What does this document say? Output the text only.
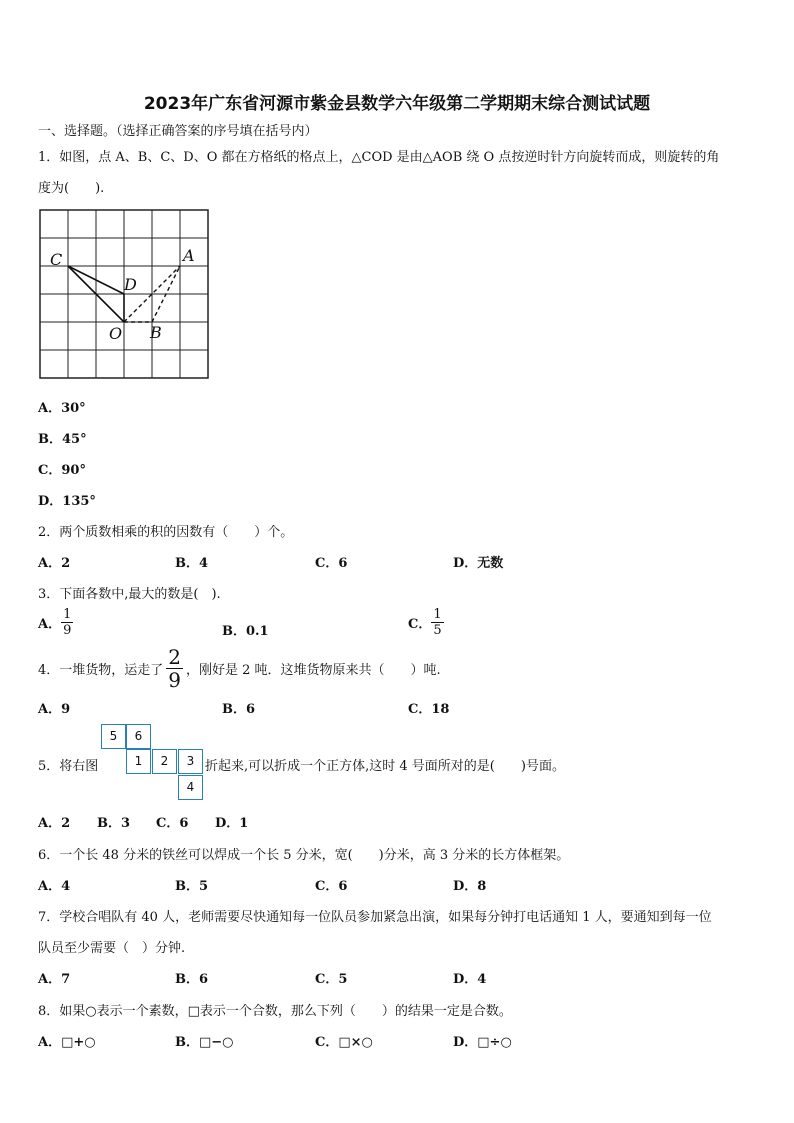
2023年广东省河源市紫金县数学六年级第二学期期末综合测试试题
一、选择题。（选择正确答案的序号填在括号内）
1．如图，点 A、B、C、D、O 都在方格纸的格点上，△COD 是由△AOB 绕 O 点按逆时针方向旋转而成，则旋转的角
度为(　　).
C	A
D
O B
A．30°
B．45°
C．90°
D．135°
2．两个质数相乘的积的因数有（　　）个。
A．2	B．4	C．6	D．无数
3．下面各数中,最大的数是(　).
A． $\frac{1}{9}$	B．0.1	C． $\frac{1}{5}$
4．一堆货物，运走了 $\frac{2}{9}$ ，刚好是 2 吨．这堆货物原来共（　　）吨.
A．9	B．6	C．18
5．将右图
5	6
1	2	3
4
折起来,可以折成一个正方体,这时 4 号面所对的是(　　)号面。
A．2 B．3 C．6 D．1
6．一个长 48 分米的铁丝可以焊成一个长 5 分米，宽(　　)分米，高 3 分米的长方体框架。
A．4	B．5	C．6	D．8
7．学校合唱队有 40 人，老师需要尽快通知每一位队员参加紧急出演，如果每分钟打电话通知 1 人，要通知到每一位
队员至少需要（　）分钟.
A．7	B．6	C．5	D．4
8．如果○表示一个素数，□表示一个合数，那么下列（　　）的结果一定是合数。
A．□+○	B．□−○	C．□×○	D．□÷○
